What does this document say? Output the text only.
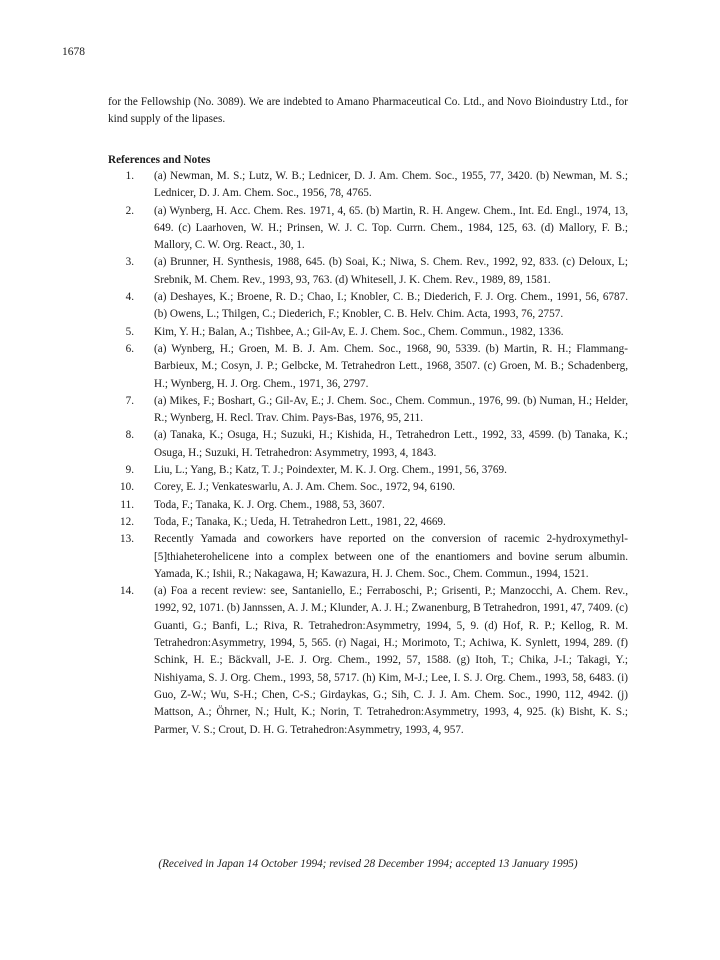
1678
for the Fellowship (No. 3089). We are indebted to Amano Pharmaceutical Co. Ltd., and Novo Bioindustry Ltd., for kind supply of the lipases.
References and Notes
1. (a) Newman, M. S.; Lutz, W. B.; Lednicer, D. J. Am. Chem. Soc., 1955, 77, 3420. (b) Newman, M. S.; Lednicer, D. J. Am. Chem. Soc., 1956, 78, 4765.
2. (a) Wynberg, H. Acc. Chem. Res. 1971, 4, 65. (b) Martin, R. H. Angew. Chem., Int. Ed. Engl., 1974, 13, 649. (c) Laarhoven, W. H.; Prinsen, W. J. C. Top. Currn. Chem., 1984, 125, 63. (d) Mallory, F. B.; Mallory, C. W. Org. React., 30, 1.
3. (a) Brunner, H. Synthesis, 1988, 645. (b) Soai, K.; Niwa, S. Chem. Rev., 1992, 92, 833. (c) Deloux, L; Srebnik, M. Chem. Rev., 1993, 93, 763. (d) Whitesell, J. K. Chem. Rev., 1989, 89, 1581.
4. (a) Deshayes, K.; Broene, R. D.; Chao, I.; Knobler, C. B.; Diederich, F. J. Org. Chem., 1991, 56, 6787. (b) Owens, L.; Thilgen, C.; Diederich, F.; Knobler, C. B. Helv. Chim. Acta, 1993, 76, 2757.
5. Kim, Y. H.; Balan, A.; Tishbee, A.; Gil-Av, E. J. Chem. Soc., Chem. Commun., 1982, 1336.
6. (a) Wynberg, H.; Groen, M. B. J. Am. Chem. Soc., 1968, 90, 5339. (b) Martin, R. H.; Flammang-Barbieux, M.; Cosyn, J. P.; Gelbcke, M. Tetrahedron Lett., 1968, 3507. (c) Groen, M. B.; Schadenberg, H.; Wynberg, H. J. Org. Chem., 1971, 36, 2797.
7. (a) Mikes, F.; Boshart, G.; Gil-Av, E.; J. Chem. Soc., Chem. Commun., 1976, 99. (b) Numan, H.; Helder, R.; Wynberg, H. Recl. Trav. Chim. Pays-Bas, 1976, 95, 211.
8. (a) Tanaka, K.; Osuga, H.; Suzuki, H.; Kishida, H., Tetrahedron Lett., 1992, 33, 4599. (b) Tanaka, K.; Osuga, H.; Suzuki, H. Tetrahedron: Asymmetry, 1993, 4, 1843.
9. Liu, L.; Yang, B.; Katz, T. J.; Poindexter, M. K. J. Org. Chem., 1991, 56, 3769.
10. Corey, E. J.; Venkateswarlu, A. J. Am. Chem. Soc., 1972, 94, 6190.
11. Toda, F.; Tanaka, K. J. Org. Chem., 1988, 53, 3607.
12. Toda, F.; Tanaka, K.; Ueda, H. Tetrahedron Lett., 1981, 22, 4669.
13. Recently Yamada and coworkers have reported on the conversion of racemic 2-hydroxymethyl-[5]thiaheterohelicene into a complex between one of the enantiomers and bovine serum albumin. Yamada, K.; Ishii, R.; Nakagawa, H; Kawazura, H. J. Chem. Soc., Chem. Commun., 1994, 1521.
14. (a) Foa a recent review: see, Santaniello, E.; Ferraboschi, P.; Grisenti, P.; Manzocchi, A. Chem. Rev., 1992, 92, 1071. (b) Jannssen, A. J. M.; Klunder, A. J. H.; Zwanenburg, B Tetrahedron, 1991, 47, 7409. (c) Guanti, G.; Banfi, L.; Riva, R. Tetrahedron:Asymmetry, 1994, 5, 9. (d) Hof, R. P.; Kellog, R. M. Tetrahedron:Asymmetry, 1994, 5, 565. (r) Nagai, H.; Morimoto, T.; Achiwa, K. Synlett, 1994, 289. (f) Schink, H. E.; Bäckvall, J-E. J. Org. Chem., 1992, 57, 1588. (g) Itoh, T.; Chika, J-I.; Takagi, Y.; Nishiyama, S. J. Org. Chem., 1993, 58, 5717. (h) Kim, M-J.; Lee, I. S. J. Org. Chem., 1993, 58, 6483. (i) Guo, Z-W.; Wu, S-H.; Chen, C-S.; Girdaykas, G.; Sih, C. J. J. Am. Chem. Soc., 1990, 112, 4942. (j) Mattson, A.; Öhrner, N.; Hult, K.; Norin, T. Tetrahedron:Asymmetry, 1993, 4, 925. (k) Bisht, K. S.; Parmer, V. S.; Crout, D. H. G. Tetrahedron:Asymmetry, 1993, 4, 957.
(Received in Japan 14 October 1994; revised 28 December 1994; accepted 13 January 1995)
